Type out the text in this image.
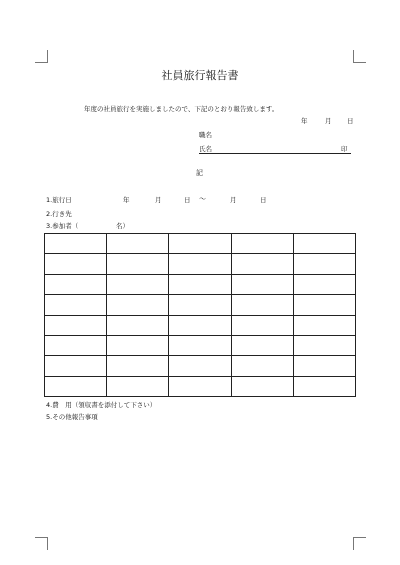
社員旅行報告書
年度の社員旅行を実施しましたので、下記のとおり報告致します。
年	月 日
職名
氏名	印
記
1.旅行日	年	月	日 ～	月	日
2.行き先
3.参加者（	名）

4.費　用（領収書を添付して下さい）
5.その他報告事項
